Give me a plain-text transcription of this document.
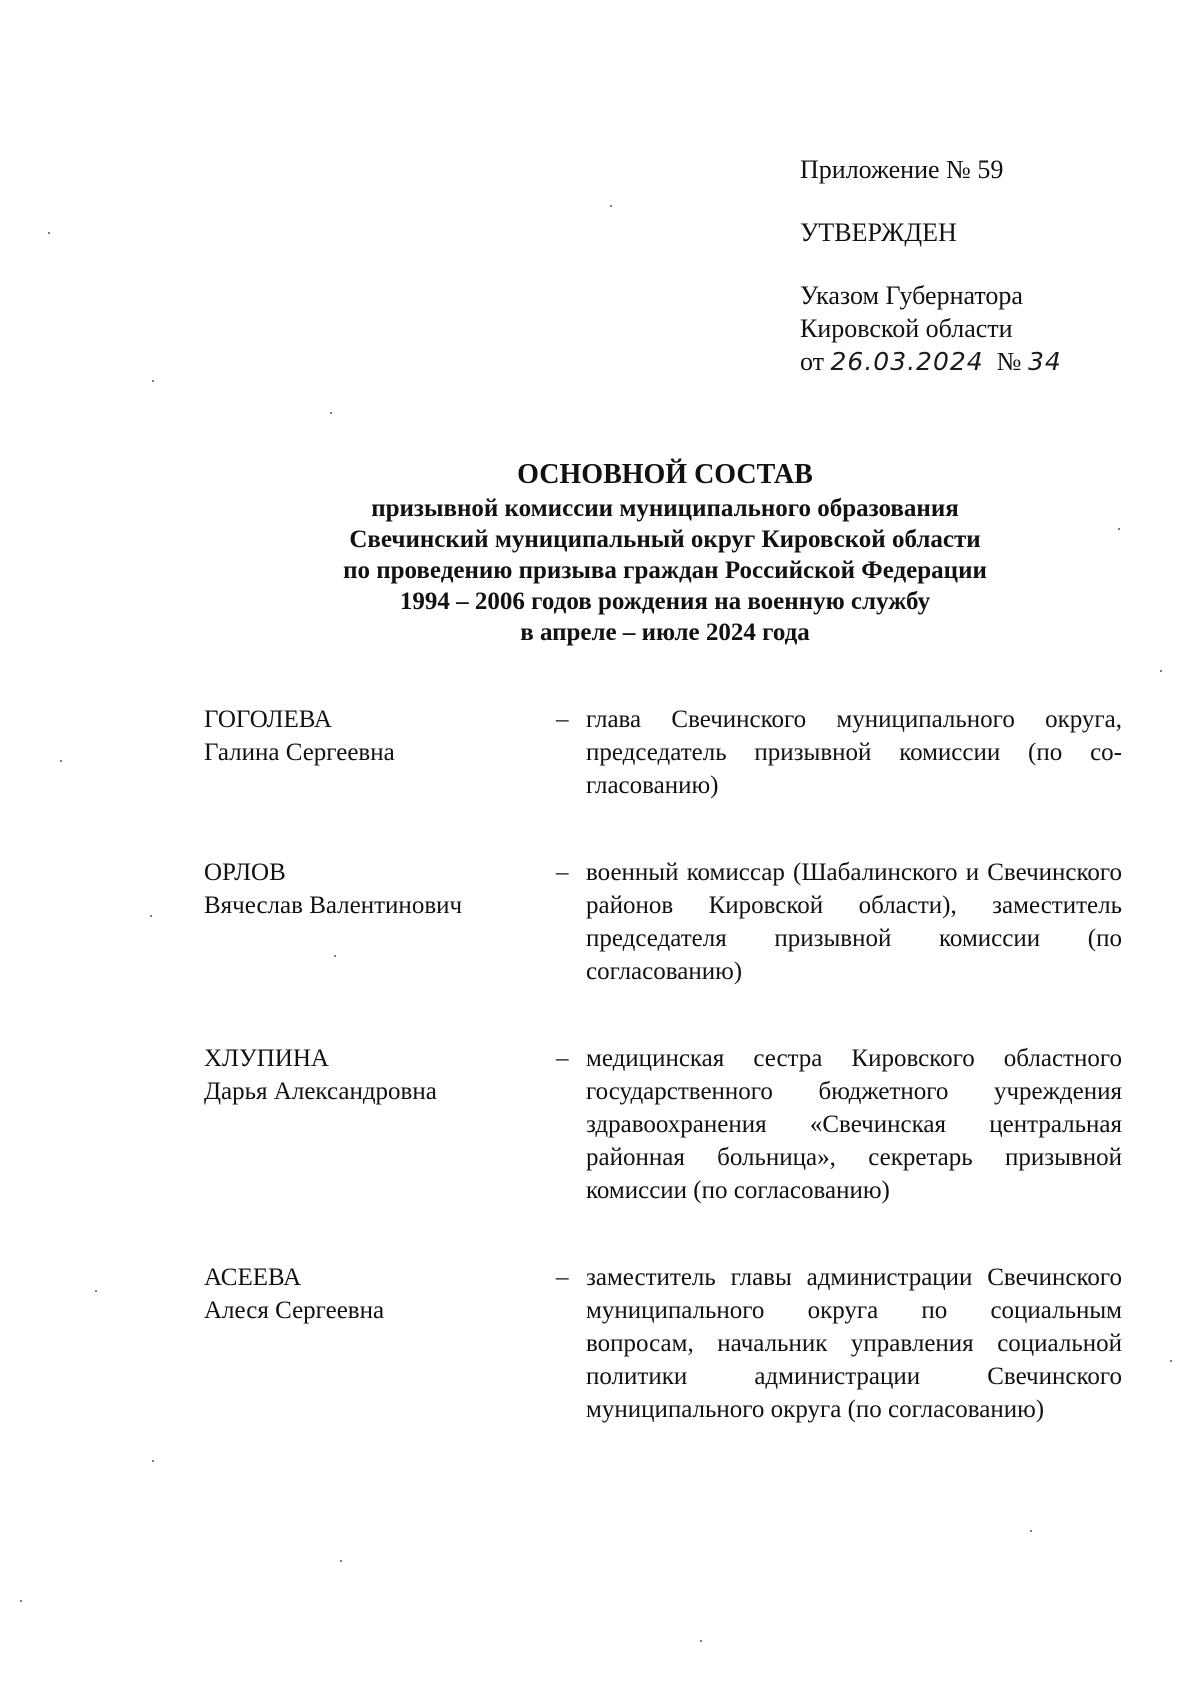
Приложение № 59
УТВЕРЖДЕН
Указом Губернатора
Кировской области
от 26.03.2024 № 34
ОСНОВНОЙ СОСТАВ
призывной комиссии муниципального образования
Свечинский муниципальный округ Кировской области
по проведению призыва граждан Российской Федерации
1994 – 2006 годов рождения на военную службу
в апреле – июле 2024 года
ГОГОЛЕВА
Галина Сергеевна
– глава Свечинского муниципального округа, председатель призывной комиссии (по согласованию)
ОРЛОВ
Вячеслав Валентинович
– военный комиссар (Шабалинского и Свечинского районов Кировской области), заместитель председателя призывной комиссии (по согласованию)
ХЛУПИНА
Дарья Александровна
– медицинская сестра Кировского областного государственного бюджетного учреждения здравоохранения «Свечинская центральная районная больница», секретарь призывной комиссии (по согласованию)
АСЕЕВА
Алеся Сергеевна
– заместитель главы администрации Свечинского муниципального округа по социальным вопросам, начальник управления социальной политики администрации Свечинского муниципального округа (по согласованию)
